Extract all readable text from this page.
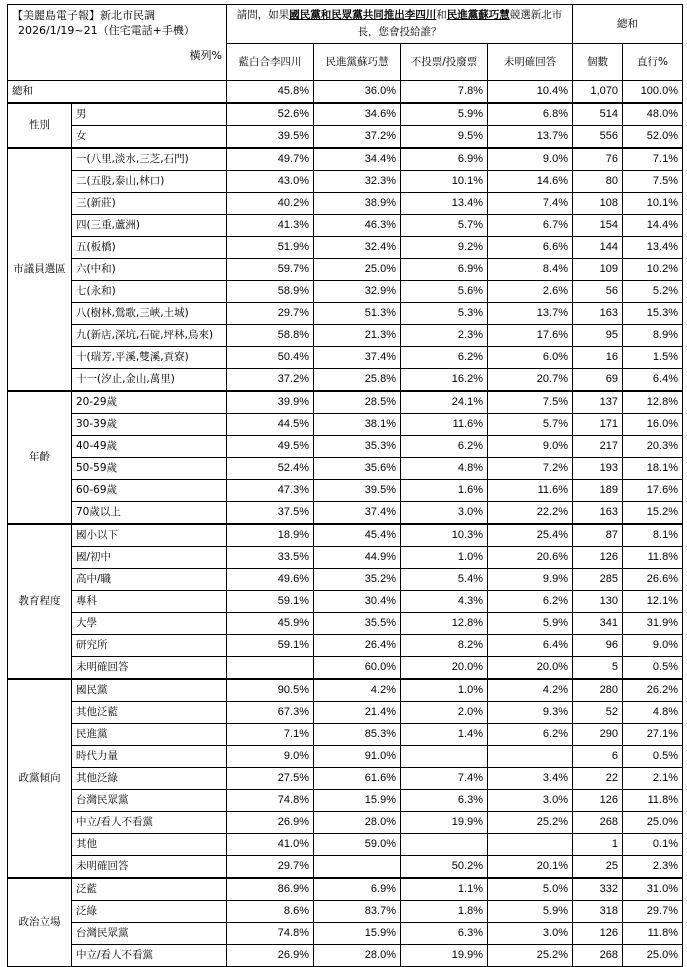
【美麗島電子報】新北市民調
2026/1/19~21（住宅電話+手機）
橫列%		請問，如果國民黨和民眾黨共同推出李四川和民進黨蘇巧慧競選新北市長，您會投給誰？				總和	
		藍白合李四川	民進黨蘇巧慧	不投票/投廢票	未明確回答	個數	直行%
總和		45.8%	36.0%	7.8%	10.4%	1,070	100.0%
性別	男	52.6%	34.6%	5.9%	6.8%	514	48.0%
	女	39.5%	37.2%	9.5%	13.7%	556	52.0%
市議員選區	一(八里,淡水,三芝,石門)	49.7%	34.4%	6.9%	9.0%	76	7.1%
	二(五股,泰山,林口)	43.0%	32.3%	10.1%	14.6%	80	7.5%
	三(新莊)	40.2%	38.9%	13.4%	7.4%	108	10.1%
	四(三重,蘆洲)	41.3%	46.3%	5.7%	6.7%	154	14.4%
	五(板橋)	51.9%	32.4%	9.2%	6.6%	144	13.4%
	六(中和)	59.7%	25.0%	6.9%	8.4%	109	10.2%
	七(永和)	58.9%	32.9%	5.6%	2.6%	56	5.2%
	八(樹林,鶯歌,三峽,土城)	29.7%	51.3%	5.3%	13.7%	163	15.3%
	九(新店,深坑,石碇,坪林,烏來)	58.8%	21.3%	2.3%	17.6%	95	8.9%
	十(瑞芳,平溪,雙溪,貢寮)	50.4%	37.4%	6.2%	6.0%	16	1.5%
	十一(汐止,金山,萬里)	37.2%	25.8%	16.2%	20.7%	69	6.4%
年齡	20-29歲	39.9%	28.5%	24.1%	7.5%	137	12.8%
	30-39歲	44.5%	38.1%	11.6%	5.7%	171	16.0%
	40-49歲	49.5%	35.3%	6.2%	9.0%	217	20.3%
	50-59歲	52.4%	35.6%	4.8%	7.2%	193	18.1%
	60-69歲	47.3%	39.5%	1.6%	11.6%	189	17.6%
	70歲以上	37.5%	37.4%	3.0%	22.2%	163	15.2%
教育程度	國小以下	18.9%	45.4%	10.3%	25.4%	87	8.1%
	國/初中	33.5%	44.9%	1.0%	20.6%	126	11.8%
	高中/職	49.6%	35.2%	5.4%	9.9%	285	26.6%
	專科	59.1%	30.4%	4.3%	6.2%	130	12.1%
	大學	45.9%	35.5%	12.8%	5.9%	341	31.9%
	研究所	59.1%	26.4%	8.2%	6.4%	96	9.0%
	未明確回答		60.0%	20.0%	20.0%	5	0.5%
政黨傾向	國民黨	90.5%	4.2%	1.0%	4.2%	280	26.2%
	其他泛藍	67.3%	21.4%	2.0%	9.3%	52	4.8%
	民進黨	7.1%	85.3%	1.4%	6.2%	290	27.1%
	時代力量	9.0%	91.0%			6	0.5%
	其他泛綠	27.5%	61.6%	7.4%	3.4%	22	2.1%
	台灣民眾黨	74.8%	15.9%	6.3%	3.0%	126	11.8%
	中立/看人不看黨	26.9%	28.0%	19.9%	25.2%	268	25.0%
	其他	41.0%	59.0%			1	0.1%
	未明確回答	29.7%		50.2%	20.1%	25	2.3%
政治立場	泛藍	86.9%	6.9%	1.1%	5.0%	332	31.0%
	泛綠	8.6%	83.7%	1.8%	5.9%	318	29.7%
	台灣民眾黨	74.8%	15.9%	6.3%	3.0%	126	11.8%
	中立/看人不看黨	26.9%	28.0%	19.9%	25.2%	268	25.0%
